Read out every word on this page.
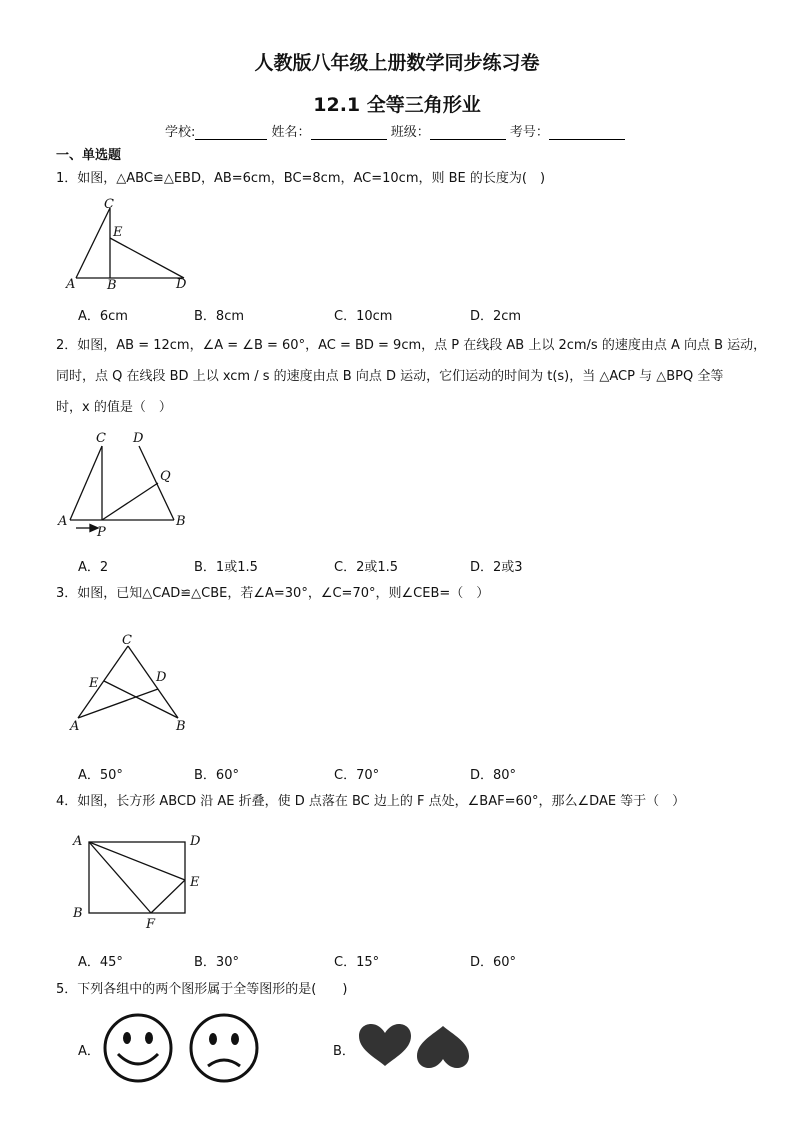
人教版八年级上册数学同步练习卷
12.1 全等三角形业
学校:	姓名：	班级：	考号：
一、单选题
1．如图，△ABC≌△EBD，AB=6cm，BC=8cm，AC=10cm，则 BE 的长度为(　)
C
E
A B	D
A．6cm	B．8cm	C．10cm	D．2cm
2．如图，AB = 12cm，∠A = ∠B = 60°，AC = BD = 9cm，点 P 在线段 AB 上以 2cm/s 的速度由点 A 向点 B 运动，
同时，点 Q 在线段 BD 上以 xcm / s 的速度由点 B 向点 D 运动，它们运动的时间为 t(s)，当 △ACP 与 △BPQ 全等
时，x 的值是（　）
C D
Q
A
P
B
A．2	B．1或1.5	C．2或1.5	D．2或3
3．如图，已知△CAD≌△CBE，若∠A=30°，∠C=70°，则∠CEB=（　）
C
E	D
A	B
A．50°	B．60°	C．70°	D．80°
4．如图，长方形 ABCD 沿 AE 折叠，使 D 点落在 BC 边上的 F 点处，∠BAF=60°，那么∠DAE 等于（　）
A	D
E
B
F
A．45°	B．30°	C．15°	D．60°
5．下列各组中的两个图形属于全等图形的是(　　)
A．	B．
